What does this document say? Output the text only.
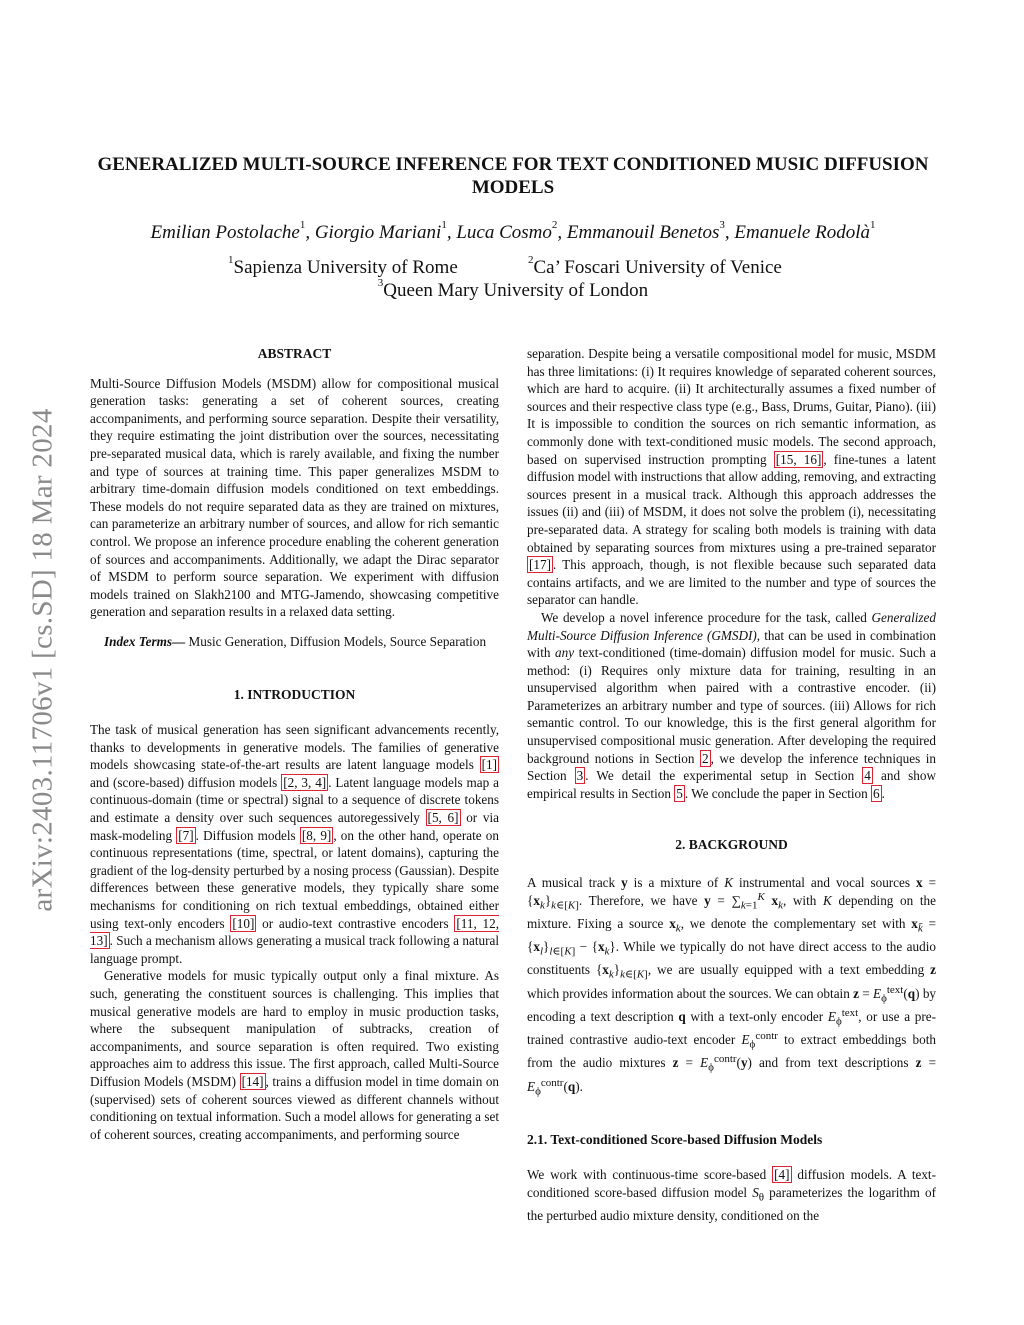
arXiv:2403.11706v1 [cs.SD] 18 Mar 2024
GENERALIZED MULTI-SOURCE INFERENCE FOR TEXT CONDITIONED MUSIC DIFFUSION MODELS
Emilian Postolache$^1$, Giorgio Mariani$^1$, Luca Cosmo$^2$, Emmanouil Benetos$^3$, Emanuele Rodolà$^1$
$^1$Sapienza University of Rome	$^2$Ca’ Foscari University of Venice
$^3$Queen Mary University of London
ABSTRACT

Multi-Source Diffusion Models (MSDM) allow for compositional musical generation tasks: generating a set of coherent sources, creating accompaniments, and performing source separation. Despite their versatility, they require estimating the joint distribution over the sources, necessitating pre-separated musical data, which is rarely available, and fixing the number and type of sources at training time. This paper generalizes MSDM to arbitrary time-domain diffusion models conditioned on text embeddings. These models do not require separated data as they are trained on mixtures, can parameterize an arbitrary number of sources, and allow for rich semantic control. We propose an inference procedure enabling the coherent generation of sources and accompaniments. Additionally, we adapt the Dirac separator of MSDM to perform source separation. We experiment with diffusion models trained on Slakh2100 and MTG-Jamendo, showcasing competitive generation and separation results in a relaxed data setting.

Index Terms— Music Generation, Diffusion Models, Source Separation

1. INTRODUCTION

The task of musical generation has seen significant advancements recently, thanks to developments in generative models. The families of generative models showcasing state-of-the-art results are latent language models [1] and (score-based) diffusion models [2, 3, 4] . Latent language models map a continuous-domain (time or spectral) signal to a sequence of discrete tokens and estimate a density over such sequences autoregessively [5, 6] or via mask-modeling [7] . Diffusion models [8, 9] , on the other hand, operate on continuous representations (time, spectral, or latent domains), capturing the gradient of the log-density perturbed by a nosing process (Gaussian). Despite differences between these generative models, they typically share some mechanisms for conditioning on rich textual embeddings, obtained either using text-only encoders [10] or audio-text contrastive encoders [11, 12, 13] . Such a mechanism allows generating a musical track following a natural language prompt.

Generative models for music typically output only a final mixture. As such, generating the constituent sources is challenging. This implies that musical generative models are hard to employ in music production tasks, where the subsequent manipulation of subtracks, creation of accompaniments, and source separation is often required. Two existing approaches aim to address this issue. The first approach, called Multi-Source Diffusion Models (MSDM) [14] , trains a diffusion model in time domain on (supervised) sets of coherent sources viewed as different channels without conditioning on textual information. Such a model allows for generating a set of coherent sources, creating accompaniments, and performing source

separation. Despite being a versatile compositional model for music, MSDM has three limitations: (i) It requires knowledge of separated coherent sources, which are hard to acquire. (ii) It architecturally assumes a fixed number of sources and their respective class type (e.g., Bass, Drums, Guitar, Piano). (iii) It is impossible to condition the sources on rich semantic information, as commonly done with text-conditioned music models. The second approach, based on supervised instruction prompting [15, 16] , fine-tunes a latent diffusion model with instructions that allow adding, removing, and extracting sources present in a musical track. Although this approach addresses the issues (ii) and (iii) of MSDM, it does not solve the problem (i), necessitating pre-separated data. A strategy for scaling both models is training with data obtained by separating sources from mixtures using a pre-trained separator [17] . This approach, though, is not flexible because such separated data contains artifacts, and we are limited to the number and type of sources the separator can handle.

We develop a novel inference procedure for the task, called Generalized Multi-Source Diffusion Inference (GMSDI), that can be used in combination with any text-conditioned (time-domain) diffusion model for music. Such a method: (i) Requires only mixture data for training, resulting in an unsupervised algorithm when paired with a contrastive encoder. (ii) Parameterizes an arbitrary number and type of sources. (iii) Allows for rich semantic control. To our knowledge, this is the first general algorithm for unsupervised compositional music generation. After developing the required background notions in Section 2 , we develop the inference techniques in Section 3 . We detail the experimental setup in Section 4 and show empirical results in Section 5 . We conclude the paper in Section 6 .

2. BACKGROUND

A musical track y is a mixture of K instrumental and vocal sources $x = \{x_k\}_{k\in[K]}$. Therefore, we have $y = \sum_{k=1}^K$ $x_k$, with K depending on the mixture. Fixing a source $x_k$, we denote the complementary set with $x_{k̄} = \{x_l\}_{l\in[K]} - \{x_k\}$. While we typically do not have direct access to the audio constituents $\{x_k\}_{k\in[K]}$, we are usually equipped with a text embedding z which provides information about the sources. We can obtain $z = E_\phi^{text}(q)$ by encoding a text description q with a text-only encoder $E_\phi^{text}$, or use a pre-trained contrastive audio-text encoder $E_\phi^{contr}$ to extract embeddings both from the audio mixtures $z = E_\phi^{contr}(y)$ and from text descriptions $z = E_\phi^{contr}(q)$.

2.1. Text-conditioned Score-based Diffusion Models

We work with continuous-time score-based [4] diffusion models. A text-conditioned score-based diffusion model $S_\theta$ parameterizes the logarithm of the perturbed audio mixture density, conditioned on the
